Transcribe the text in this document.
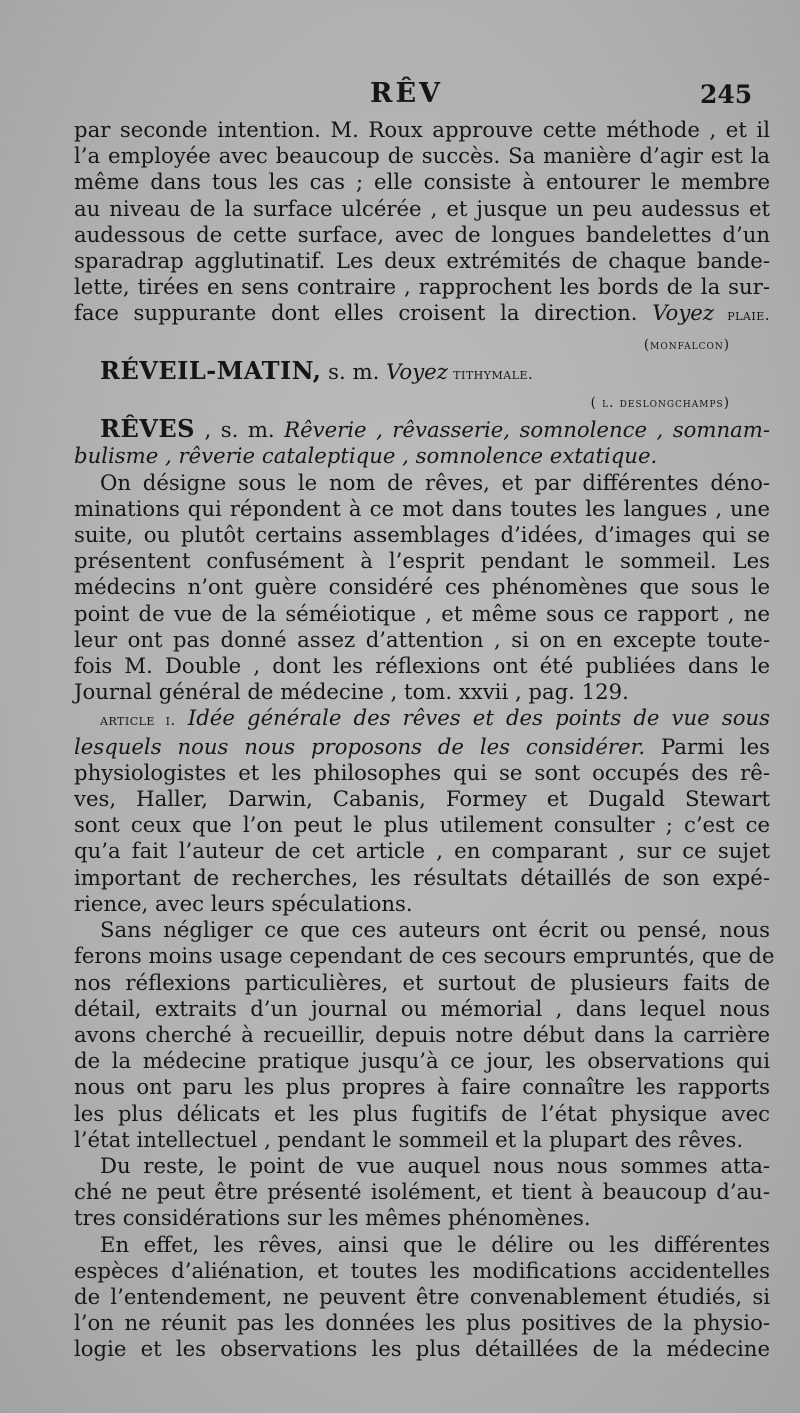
RÊV	245
par seconde intention. M. Roux approuve cette méthode , et il
l’a employée avec beaucoup de succès. Sa manière d’agir est la
même dans tous les cas ; elle consiste à entourer le membre
au niveau de la surface ulcérée , et jusque un peu audessus et
audessous de cette surface, avec de longues bandelettes d’un
sparadrap agglutinatif. Les deux extrémités de chaque bande-
lette, tirées en sens contraire , rapprochent les bords de la sur-
face suppurante dont elles croisent la direction. Voyez plaie.
(monfalcon)
RÉVEIL-MATIN, s. m. Voyez tithymale.
( l. deslongchamps)
RÊVES , s. m. Rêverie , rêvasserie, somnolence , somnam-
bulisme , rêverie cataleptique , somnolence extatique.
On désigne sous le nom de rêves, et par différentes déno-
minations qui répondent à ce mot dans toutes les langues , une
suite, ou plutôt certains assemblages d’idées, d’images qui se
présentent confusément à l’esprit pendant le sommeil. Les
médecins n’ont guère considéré ces phénomènes que sous le
point de vue de la séméiotique , et même sous ce rapport , ne
leur ont pas donné assez d’attention , si on en excepte toute-
fois M. Double , dont les réflexions ont été publiées dans le
Journal général de médecine , tom. xxvii , pag. 129.
article i. Idée générale des rêves et des points de vue sous
lesquels nous nous proposons de les considérer. Parmi les
physiologistes et les philosophes qui se sont occupés des rê-
ves, Haller, Darwin, Cabanis, Formey et Dugald Stewart
sont ceux que l’on peut le plus utilement consulter ; c’est ce
qu’a fait l’auteur de cet article , en comparant , sur ce sujet
important de recherches, les résultats détaillés de son expé-
rience, avec leurs spéculations.
Sans négliger ce que ces auteurs ont écrit ou pensé, nous
ferons moins usage cependant de ces secours empruntés, que de
nos réflexions particulières, et surtout de plusieurs faits de
détail, extraits d’un journal ou mémorial , dans lequel nous
avons cherché à recueillir, depuis notre début dans la carrière
de la médecine pratique jusqu’à ce jour, les observations qui
nous ont paru les plus propres à faire connaître les rapports
les plus délicats et les plus fugitifs de l’état physique avec
l’état intellectuel , pendant le sommeil et la plupart des rêves.
Du reste, le point de vue auquel nous nous sommes atta-
ché ne peut être présenté isolément, et tient à beaucoup d’au-
tres considérations sur les mêmes phénomènes.
En effet, les rêves, ainsi que le délire ou les différentes
espèces d’aliénation, et toutes les modifications accidentelles
de l’entendement, ne peuvent être convenablement étudiés, si
l’on ne réunit pas les données les plus positives de la physio-
logie et les observations les plus détaillées de la médecine
